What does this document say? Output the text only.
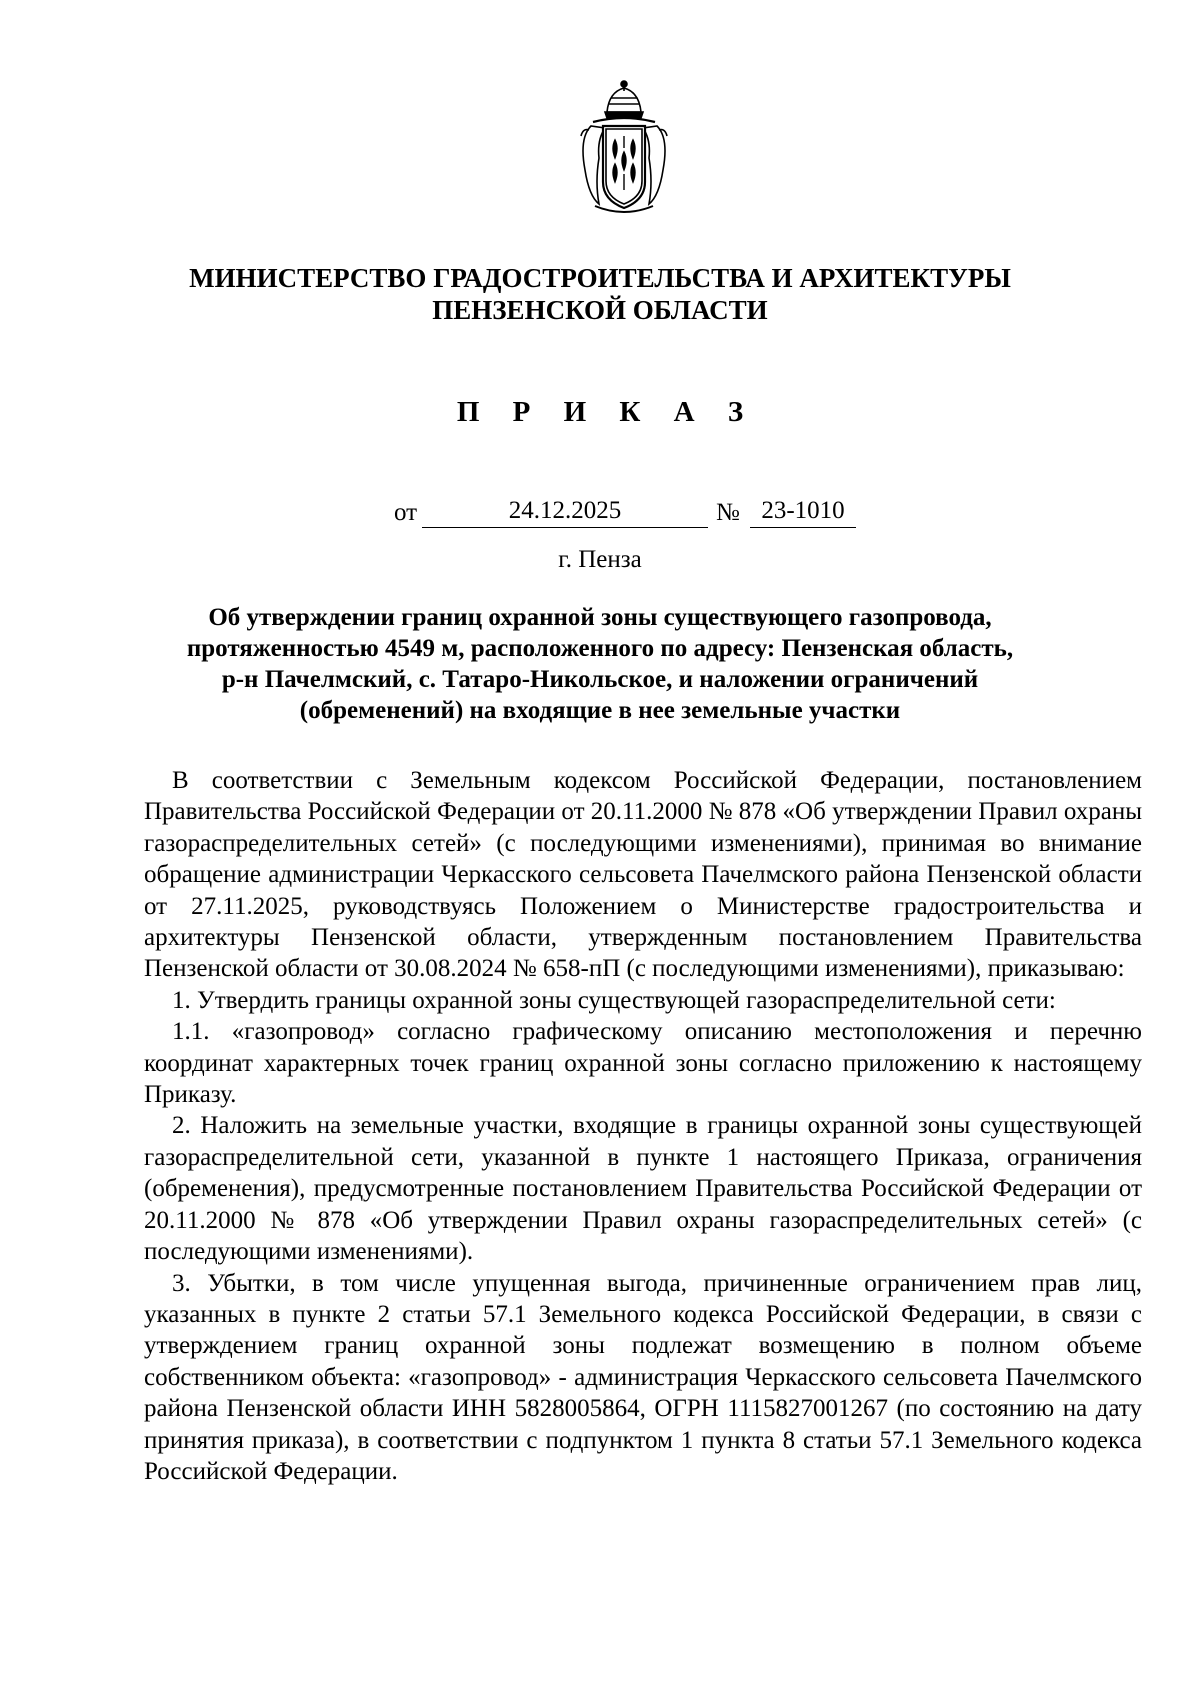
МИНИСТЕРСТВО ГРАДОСТРОИТЕЛЬСТВА И АРХИТЕКТУРЫ
ПЕНЗЕНСКОЙ ОБЛАСТИ
П Р И К А З
от	24.12.2025	№ 23-1010
г. Пенза
Об утверждении границ охранной зоны существующего газопровода,
протяженностью 4549 м, расположенного по адресу: Пензенская область,
р-н Пачелмский, с. Татаро-Никольское, и наложении ограничений
(обременений) на входящие в нее земельные участки

В соответствии с Земельным кодексом Российской Федерации, постановлением Правительства Российской Федерации от 20.11.2000 № 878 «Об утверждении Правил охраны газораспределительных сетей» (с последующими изменениями), принимая во внимание обращение администрации Черкасского сельсовета Пачелмского района Пензенской области от 27.11.2025, руководствуясь Положением о Министерстве градостроительства и архитектуры Пензенской области, утвержденным постановлением Правительства Пензенской области от 30.08.2024 № 658-пП (с последующими изменениями), приказываю:

1. Утвердить границы охранной зоны существующей газораспределительной сети:

1.1. «газопровод» согласно графическому описанию местоположения и перечню координат характерных точек границ охранной зоны согласно приложению к настоящему Приказу.

2. Наложить на земельные участки, входящие в границы охранной зоны существующей газораспределительной сети, указанной в пункте 1 настоящего Приказа, ограничения (обременения), предусмотренные постановлением Правительства Российской Федерации от 20.11.2000 № 878 «Об утверждении Правил охраны газораспределительных сетей» (с последующими изменениями).

3. Убытки, в том числе упущенная выгода, причиненные ограничением прав лиц, указанных в пункте 2 статьи 57.1 Земельного кодекса Российской Федерации, в связи с утверждением границ охранной зоны подлежат возмещению в полном объеме собственником объекта: «газопровод» - администрация Черкасского сельсовета Пачелмского района Пензенской области ИНН 5828005864, ОГРН 1115827001267 (по состоянию на дату принятия приказа), в соответствии с подпунктом 1 пункта 8 статьи 57.1 Земельного кодекса Российской Федерации.
